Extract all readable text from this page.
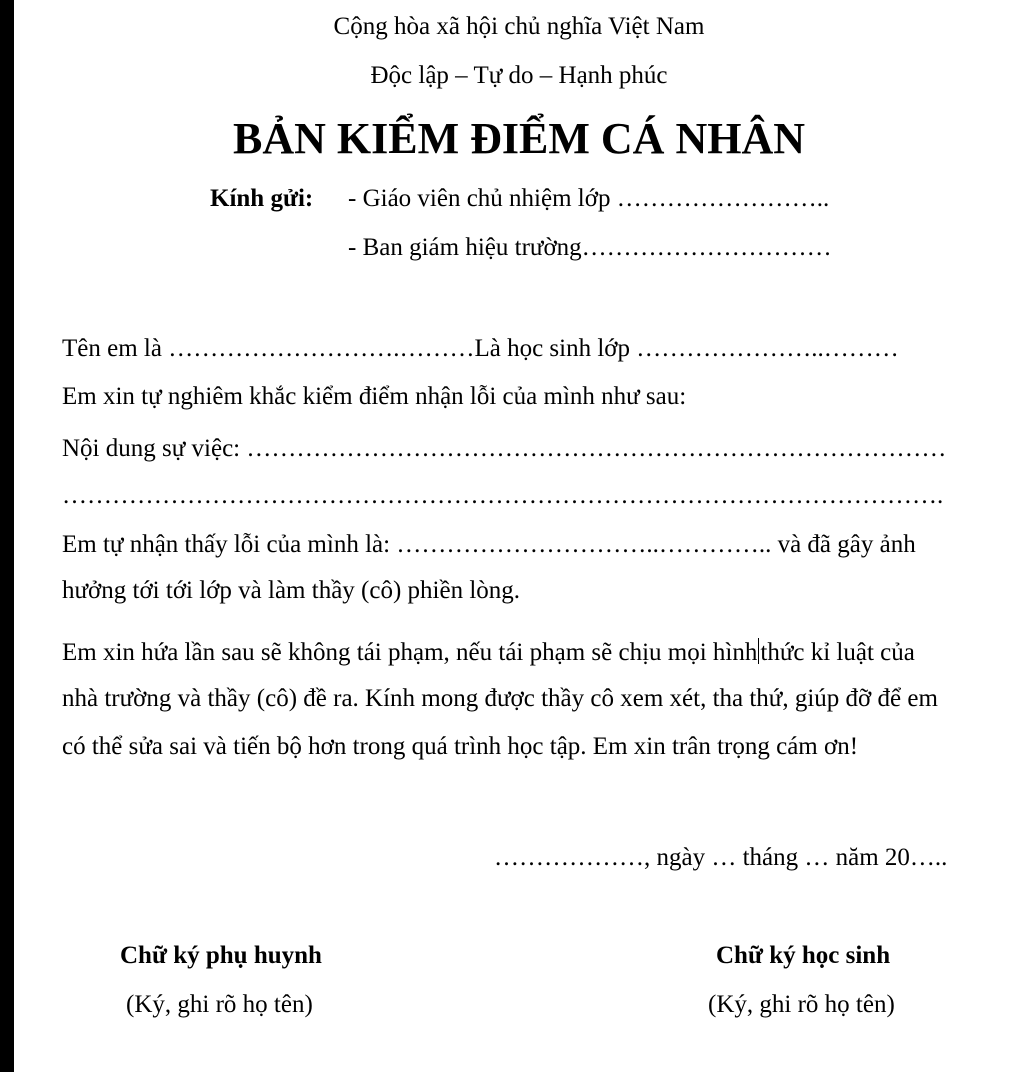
Cộng hòa xã hội chủ nghĩa Việt Nam
Độc lập – Tự do – Hạnh phúc
BẢN KIỂM ĐIỂM CÁ NHÂN
Kính gửi: - Giáo viên chủ nhiệm lớp ……………………..
- Ban giám hiệu trường…………………………
Tên em là ……………………….………Là học sinh lớp …………………..………
Em xin tự nghiêm khắc kiểm điểm nhận lỗi của mình như sau:
Nội dung sự việc: …………………………………………………………………………
…………………………………………………………………………………………….
Em tự nhận thấy lỗi của mình là: …………………………..………….. và đã gây ảnh
hưởng tới tới lớp và làm thầy (cô) phiền lòng.
Em xin hứa lần sau sẽ không tái phạm, nếu tái phạm sẽ chịu mọi hình thức kỉ luật của
nhà trường và thầy (cô) đề ra. Kính mong được thầy cô xem xét, tha thứ, giúp đỡ để em
có thể sửa sai và tiến bộ hơn trong quá trình học tập. Em xin trân trọng cám ơn!
………………, ngày … tháng … năm 20…..
Chữ ký phụ huynh
(Ký, ghi rõ họ tên)
Chữ ký học sinh
(Ký, ghi rõ họ tên)
